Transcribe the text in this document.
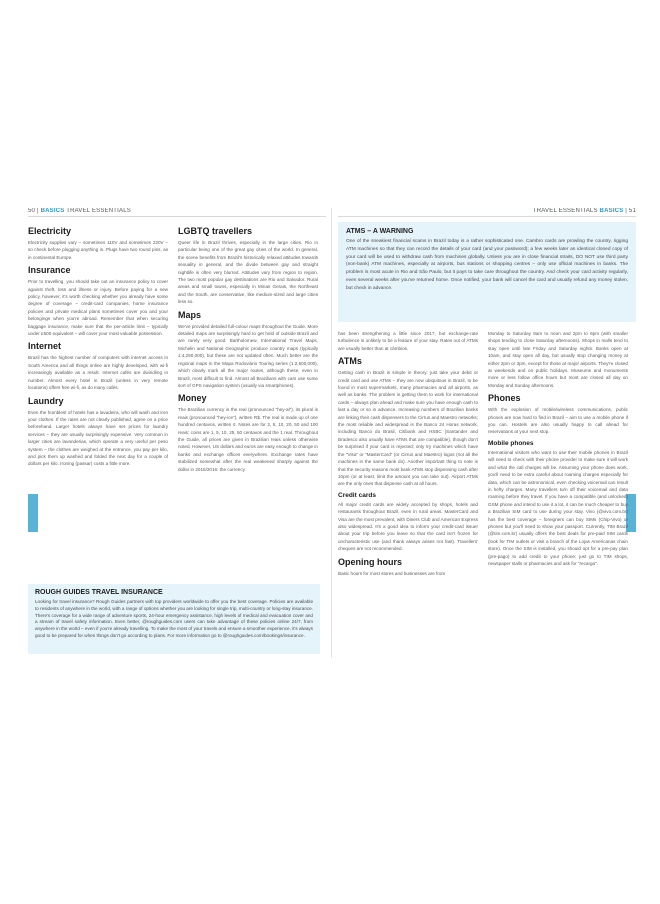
50 | BASICS TRAVEL ESSENTIALS
Electricity
Electricity supplies vary – sometimes 110V and sometimes 220V – so check before plugging anything in. Plugs have two round pins, as in continental Europe.
Insurance
Prior to travelling, you should take out an insurance policy to cover against theft, loss and illness or injury. Before paying for a new policy, however, it's worth checking whether you already have some degree of coverage – credit-card companies, home insurance policies and private medical plans sometimes cover you and your belongings when you're abroad. Remember that when securing baggage insurance, make sure that the per-article limit – typically under £500 equivalent – will cover your most valuable possession.
Internet
Brazil has the highest number of computers with internet access in South America and all things online are highly developed, with wi-fi increasingly available as a result. Internet cafés are dwindling in number. Almost every hotel in Brazil (unless in very remote locations) offers free wi-fi, as do many cafés.
Laundry
Even the humblest of hotels has a lavadeira, who will wash and iron your clothes. If the rates are not clearly published, agree on a price beforehand. Larger hotels always have set prices for laundry services – they are usually surprisingly expensive. Very common in larger cities are lavanderias, which operate a very useful per peso system – the clothes are weighed at the entrance, you pay per kilo, and pick them up washed and folded the next day for a couple of dollars per kilo. Ironing (passar) costs a little more.
LGBTQ travellers
Queer life in Brazil thrives, especially in the large cities. Rio in particular being one of the great gay cities of the world. In general, the scene benefits from Brazil's historically relaxed attitudes towards sexuality in general, and the divide between gay and straight nightlife is often very blurred. Attitudes vary from region to region. The two most popular gay destinations are Rio and Salvador. Rural areas and small towns, especially in Minas Gerais, the Northeast and the South, are conservative, like medium-sized and large cities less so.
Maps
We've provided detailed full-colour maps throughout the Guide. More detailed maps are surprisingly hard to get hold of outside Brazil and are rarely very good. Bartholomew, International Travel Maps, Michelin and National Geographic produce country maps (typically 1:4,250,000), but these are not updated often. Much better are the regional maps in the Mapa Rodoviário Touring series (1:2,500,000), which clearly mark all the major routes, although these, even in Brazil, most difficult to find. Almost all Brazilians with cars use some sort of GPS navigation system (usually via smartphones).
Money
The Brazilian currency is the real (pronounced "hey-al"), its plural is reais (pronounced "hey-ice"), written R$. The real is made up of one hundred centavos, written ¢. Notes are for 2, 5, 10, 20, 50 and 100 reais; coins are 1, 5, 10, 25, 50 centavos and the 1 real. Throughout the Guide, all prices are given in Brazilian reais unless otherwise noted. However, US dollars and euros are easy enough to change in banks and exchange offices everywhere. Exchange rates have stabilized somewhat after the real weakened sharply against the dollar in 2015/2016: the currency
ROUGH GUIDES TRAVEL INSURANCE
Looking for travel insurance? Rough Guides partners with top providers worldwide to offer you the best coverage. Policies are available to residents of anywhere in the world, with a range of options whether you are looking for single trip, multi-country or long-stay insurance. There's coverage for a wide range of adventure sports, 24-hour emergency assistance, high levels of medical and evacuation cover and a stream of travel safety information. Even better, @roughguides.com users can take advantage of these policies online 24/7, from anywhere in the world – even if you're already travelling. To make the most of your travels and ensure a smoother experience, it's always good to be prepared for when things don't go according to plans. For more information go to @roughguides.com/bookings/insurance.
TRAVEL ESSENTIALS BASICS | 51
ATMS – A WARNING
One of the sneakiest financial scams in Brazil today is a rather sophisticated one. Cambro cards are prowling the country, rigging ATM machines so that they can record the details of your card (and your password); a few weeks later an identical cloned copy of your card will be used to withdraw cash from machines globally. Unless you are in close financial straits, DO NOT use third party (non-bank) ATM machines, especially at airports, bus stations or shopping centres – only use official machines in banks. The problem is most acute in Rio and São Paulo, but it pays to take care throughout the country. And check your card activity regularly, even several weeks after you've returned home. Once notified, your bank will cancel the card and usually refund any money stolen, but check in advance.
has been strengthening a little since 2017, but exchange-rate turbulence is unlikely to be a feature of your stay. Rates out of ATMs are usually better than at câmbios.
ATMs
Getting cash in Brazil is simple in theory: just take your debit or credit card and use ATMs – they are now ubiquitous in Brazil, to be found in most supermarkets, many pharmacies and all airports, as well as banks. The problem is getting them to work for international cards – always plan ahead and make sure you have enough cash to last a day or so in advance. Increasing numbers of Brazilian banks are linking their cash dispensers to the Cirrus and Maestro networks; the most reliable and widespread is the Banco 24 Horas network, including Banco do Brasil, Citibank and HSBC (Santander and Bradesco also usually have ATMs that are compatible), though don't be surprised if your card is rejected; only try machines which have the "Visa" or "MasterCard" (or Cirrus and Maestro) logos (not all the machines in the same bank do). Another important thing to note is that the security reasons most bank ATMs stop dispensing cash after 10pm (or at least, limit the amount you can take out). Airport ATMs are the only ones that dispense cash at all hours.
Credit cards
All major credit cards are widely accepted by shops, hotels and restaurants throughout Brazil, even in rural areas. MasterCard and Visa are the most prevalent, with Diners Club and American Express also widespread. It's a good idea to inform your credit-card issuer about your trip before you leave so that the card isn't frozen for uncharacteristic use (and thank always arises not fast). Travellers' cheques are not recommended.
Opening hours
Basic hours for most stores and businesses are from
Monday to Saturday 8am to noon and 2pm to 6pm (with smaller shops tending to close Saturday afternoons). Shops in malls tend to stay open until late Friday and Saturday nights. Banks open at 10am, and stay open all day, but usually stop changing money at either 2pm or 3pm, except for those at major airports. They're closed at weekends and on public holidays. Museums and monuments more or less follow office hours but most are closed all day on Monday and Sunday afternoons.
Phones
With the explosion of mobile/wireless communications, public phones are now hard to find in Brazil – aim to use a mobile phone if you can. Hostels are also usually happy to call ahead for reservations at your next stop.
Mobile phones
International visitors who want to use their mobile phones in Brazil will need to check with their phone provider to make sure it will work and what the call charges will be. Assuming your phone does work, you'll need to be extra careful about roaming charges especially for data, which can be astronomical, even checking voicemail can result in hefty charges. Many travellers turn off their voicemail and data roaming before they travel. If you have a compatible (and unlocked) GSM phone and intend to use it a lot, it can be much cheaper to buy a Brazilian SIM card to use during your stay. Vivo (@vivo.com.br) has the best coverage – foreigners can buy SIMs (Chip-Vivo) or phones but you'll need to show your passport. Currently, TIM Brazil (@tim.com.br) usually offers the best deals for pre-paid SIM cards (look for TIM outlets or visit a branch of the Lojas Americanas chain store). Once the SIM is installed, you should opt for a pre-pay plan (pre-pago) to add credit to your phone; just go to TIM shops, newspaper stalls or pharmacies and ask for "recarga".
